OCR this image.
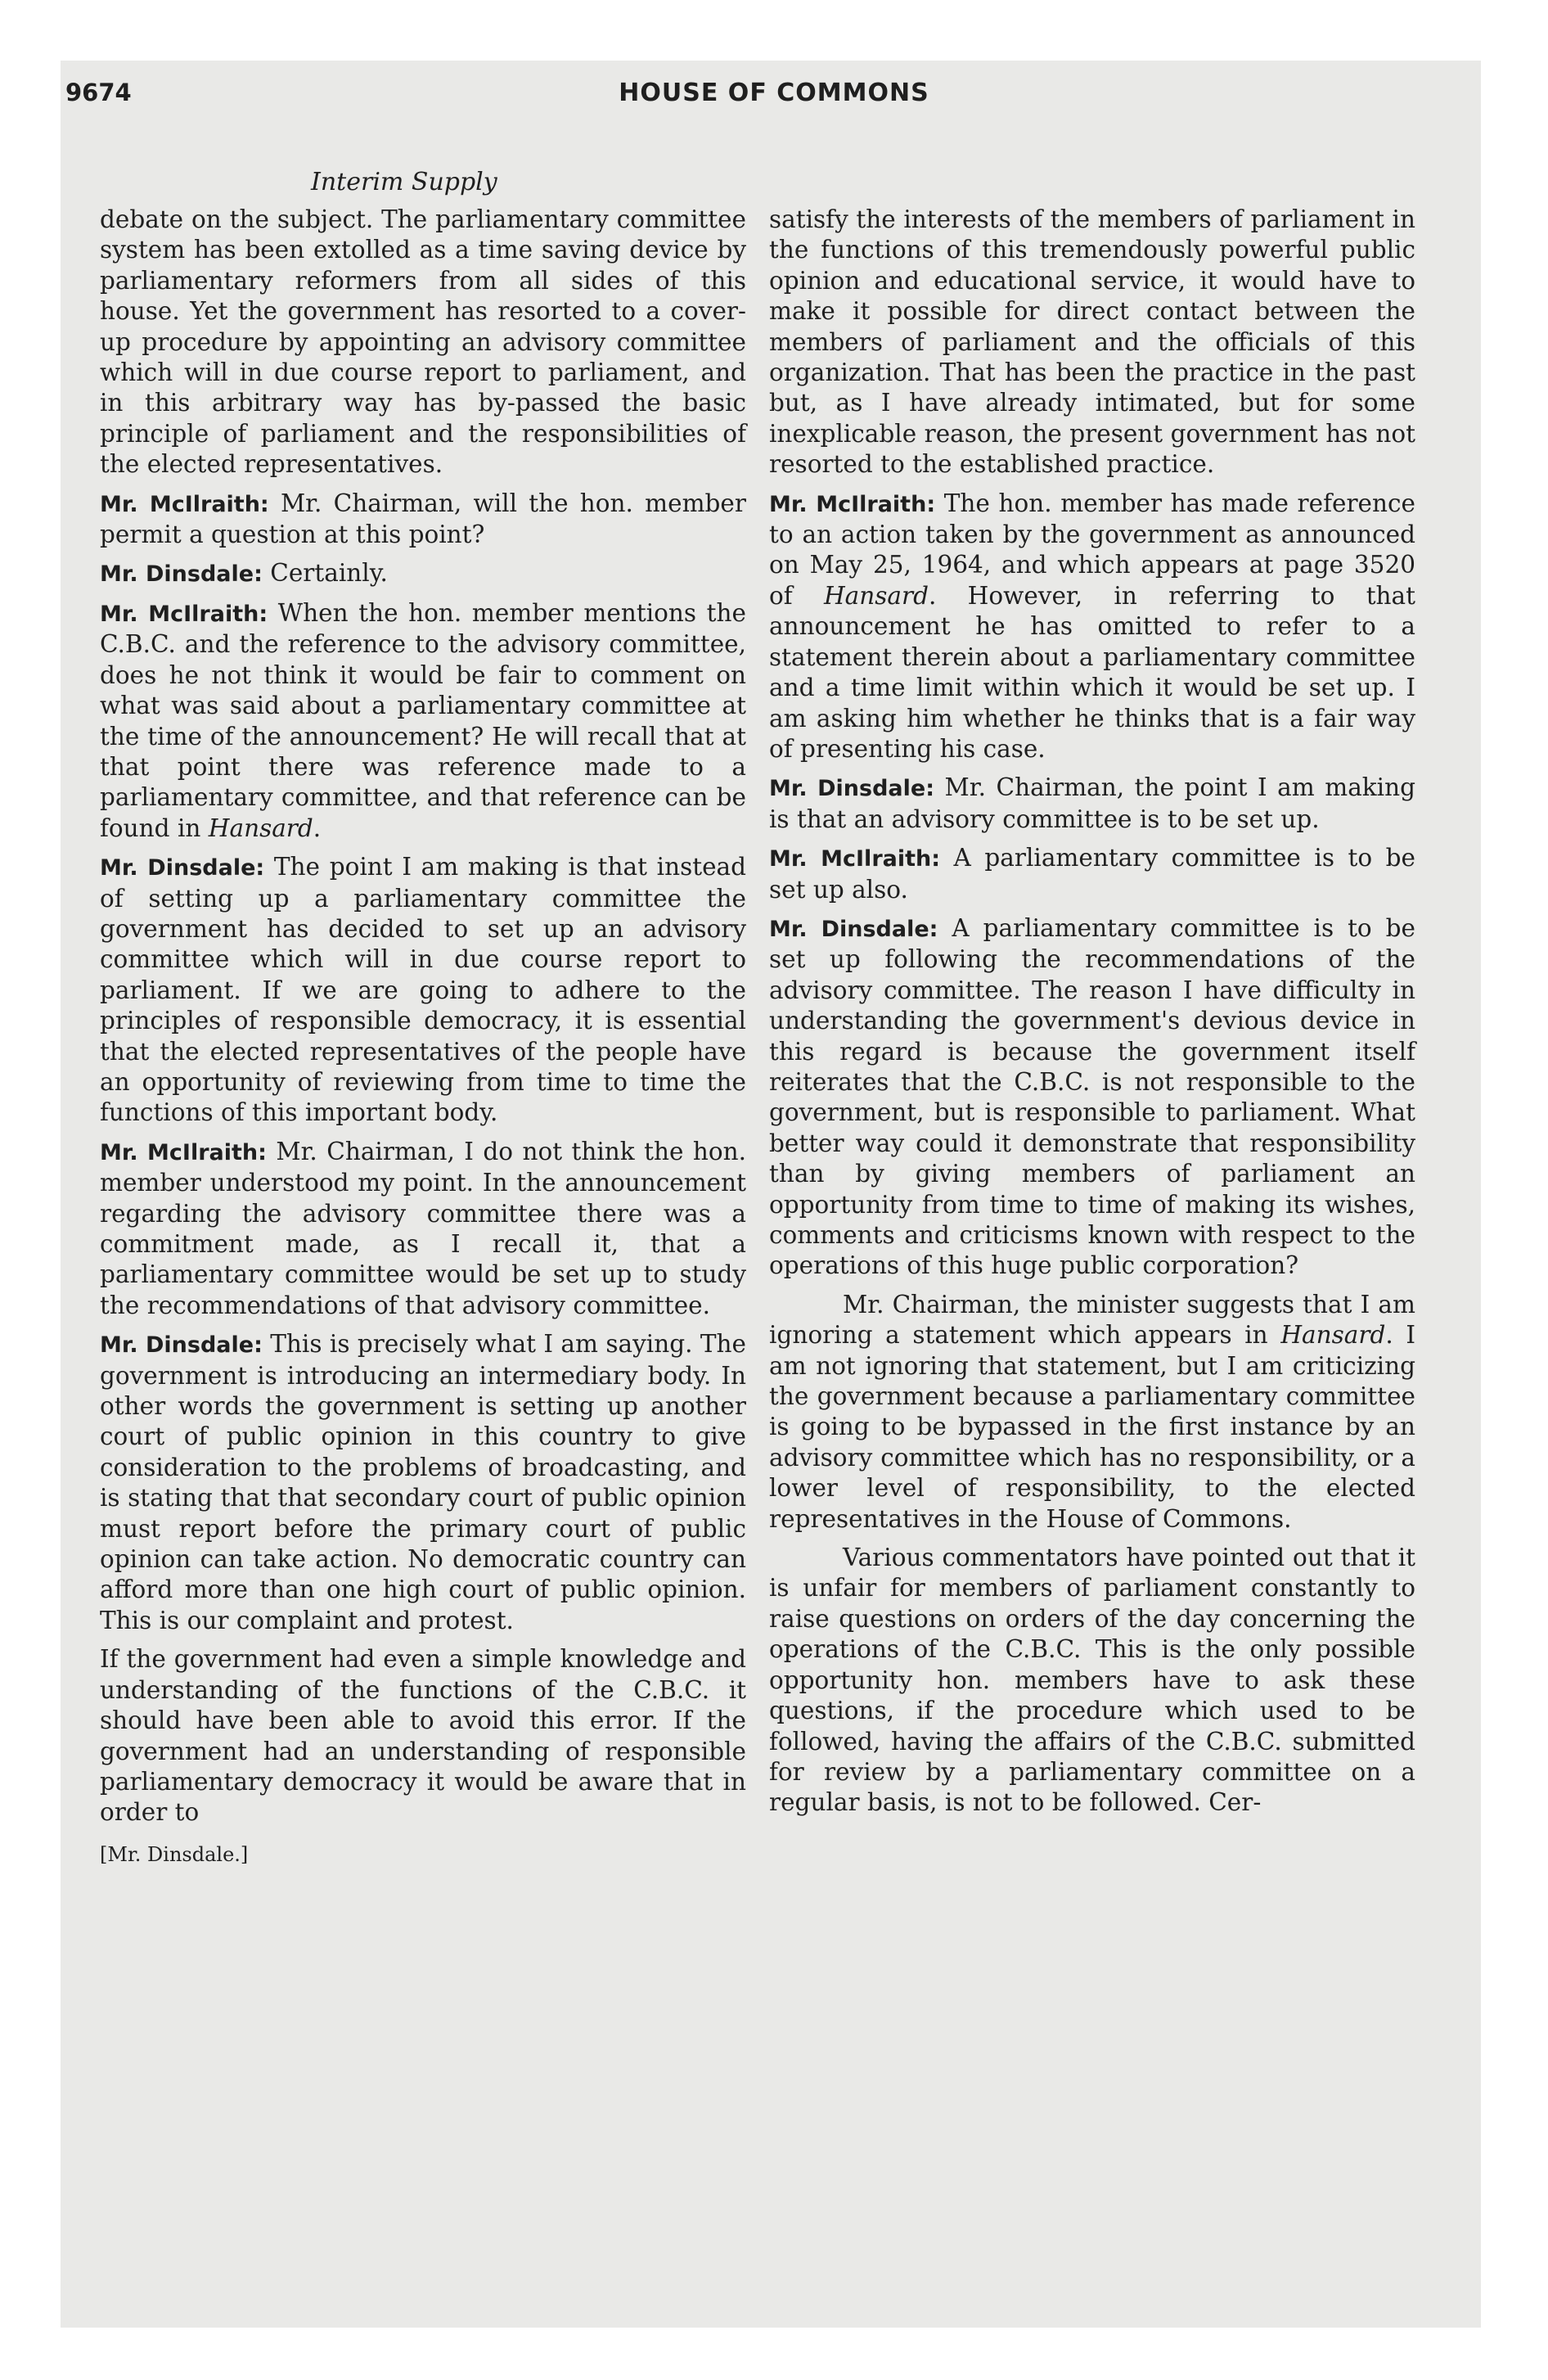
9674	HOUSE OF COMMONS
Interim Supply

debate on the subject. The parliamentary committee system has been extolled as a time saving device by parliamentary reformers from all sides of this house. Yet the government has resorted to a cover-up procedure by appointing an advisory committee which will in due course report to parliament, and in this arbitrary way has by-passed the basic principle of parliament and the responsibilities of the elected representatives.

Mr. McIlraith: Mr. Chairman, will the hon. member permit a question at this point?

Mr. Dinsdale: Certainly.

Mr. McIlraith: When the hon. member mentions the C.B.C. and the reference to the advisory committee, does he not think it would be fair to comment on what was said about a parliamentary committee at the time of the announcement? He will recall that at that point there was reference made to a parliamentary committee, and that reference can be found in Hansard.

Mr. Dinsdale: The point I am making is that instead of setting up a parliamentary committee the government has decided to set up an advisory committee which will in due course report to parliament. If we are going to adhere to the principles of responsible democracy, it is essential that the elected representatives of the people have an opportunity of reviewing from time to time the functions of this important body.

Mr. McIlraith: Mr. Chairman, I do not think the hon. member understood my point. In the announcement regarding the advisory committee there was a commitment made, as I recall it, that a parliamentary committee would be set up to study the recommendations of that advisory committee.

Mr. Dinsdale: This is precisely what I am saying. The government is introducing an intermediary body. In other words the government is setting up another court of public opinion in this country to give consideration to the problems of broadcasting, and is stating that that secondary court of public opinion must report before the primary court of public opinion can take action. No democratic country can afford more than one high court of public opinion. This is our complaint and protest.

If the government had even a simple knowledge and understanding of the functions of the C.B.C. it should have been able to avoid this error. If the government had an understanding of responsible parliamentary democracy it would be aware that in order to

[Mr. Dinsdale.]

satisfy the interests of the members of parliament in the functions of this tremendously powerful public opinion and educational service, it would have to make it possible for direct contact between the members of parliament and the officials of this organization. That has been the practice in the past but, as I have already intimated, but for some inexplicable reason, the present government has not resorted to the established practice.

Mr. McIlraith: The hon. member has made reference to an action taken by the government as announced on May 25, 1964, and which appears at page 3520 of Hansard. However, in referring to that announcement he has omitted to refer to a statement therein about a parliamentary committee and a time limit within which it would be set up. I am asking him whether he thinks that is a fair way of presenting his case.

Mr. Dinsdale: Mr. Chairman, the point I am making is that an advisory committee is to be set up.

Mr. McIlraith: A parliamentary committee is to be set up also.

Mr. Dinsdale: A parliamentary committee is to be set up following the recommendations of the advisory committee. The reason I have difficulty in understanding the government's devious device in this regard is because the government itself reiterates that the C.B.C. is not responsible to the government, but is responsible to parliament. What better way could it demonstrate that responsibility than by giving members of parliament an opportunity from time to time of making its wishes, comments and criticisms known with respect to the operations of this huge public corporation?

Mr. Chairman, the minister suggests that I am ignoring a statement which appears in Hansard. I am not ignoring that statement, but I am criticizing the government because a parliamentary committee is going to be bypassed in the first instance by an advisory committee which has no responsibility, or a lower level of responsibility, to the elected representatives in the House of Commons.

Various commentators have pointed out that it is unfair for members of parliament constantly to raise questions on orders of the day concerning the operations of the C.B.C. This is the only possible opportunity hon. members have to ask these questions, if the procedure which used to be followed, having the affairs of the C.B.C. submitted for review by a parliamentary committee on a regular basis, is not to be followed. Cer-
